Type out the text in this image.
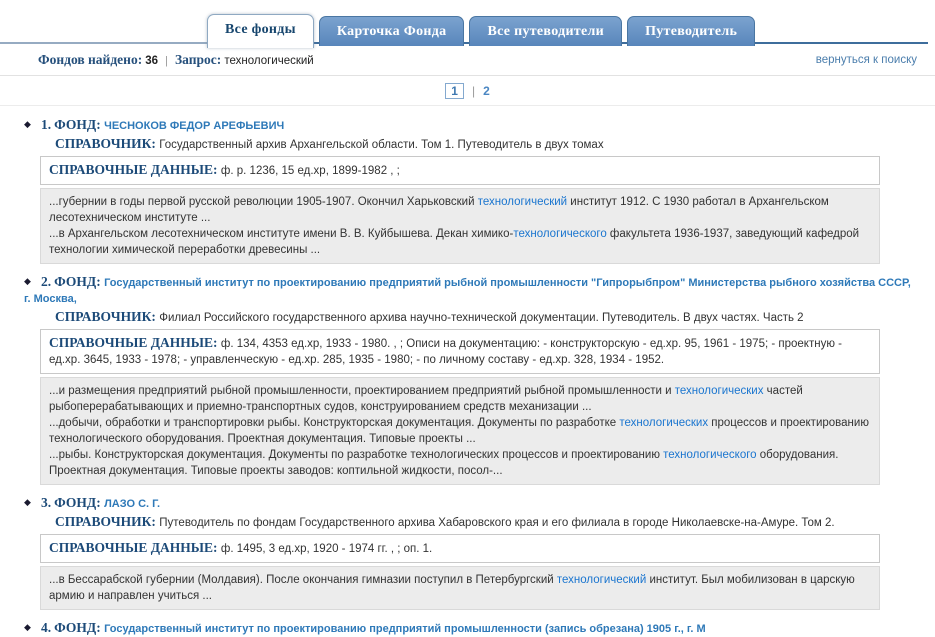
Все фонды	Карточка Фонда	Все путеводители	Путеводитель
Фондов найдено: 36 | Запрос: технологический	вернуться к поиску
1 | 2
◆ 1. ФОНД: ЧЕСНОКОВ ФЕДОР АРЕФЬЕВИЧ
СПРАВОЧНИК: Государственный архив Архангельской области. Том 1. Путеводитель в двух томах
СПРАВОЧНЫЕ ДАННЫЕ: ф. р. 1236, 15 ед.хр, 1899-1982 , ;
...губернии в годы первой русской революции 1905-1907. Окончил Харьковский технологический институт 1912. С 1930 работал в Архангельском лесотехническом институте ...
...в Архангельском лесотехническом институте имени В. В. Куйбышева. Декан химико-технологического факультета 1936-1937, заведующий кафедрой технологии химической переработки древесины ...
◆ 2. ФОНД: Государственный институт по проектированию предприятий рыбной промышленности "Гипрорыбпром" Министерства рыбного хозяйства СССР, г. Москва,
СПРАВОЧНИК: Филиал Российского государственного архива научно-технической документации. Путеводитель. В двух частях. Часть 2
СПРАВОЧНЫЕ ДАННЫЕ: ф. 134, 4353 ед.хр, 1933 - 1980. , ; Описи на документацию: - конструкторскую - ед.хр. 95, 1961 - 1975; - проектную - ед.хр. 3645, 1933 - 1978; - управленческую - ед.хр. 285, 1935 - 1980; - по личному составу - ед.хр. 328, 1934 - 1952.
...и размещения предприятий рыбной промышленности, проектированием предприятий рыбной промышленности и технологических частей рыбоперерабатывающих и приемно-транспортных судов, конструированием средств механизации ...
...добычи, обработки и транспортировки рыбы. Конструкторская документация. Документы по разработке технологических процессов и проектированию технологического оборудования. Проектная документация. Типовые проекты ...
...рыбы. Конструкторская документация. Документы по разработке технологических процессов и проектированию технологического оборудования. Проектная документация. Типовые проекты заводов: коптильной жидкости, посол-...
◆ 3. ФОНД: ЛАЗО С. Г.
СПРАВОЧНИК: Путеводитель по фондам Государственного архива Хабаровского края и его филиала в городе Николаевске-на-Амуре. Том 2.
СПРАВОЧНЫЕ ДАННЫЕ: ф. 1495, 3 ед.хр, 1920 - 1974 гг. , ; оп. 1.
...в Бессарабской губернии (Молдавия). После окончания гимназии поступил в Петербургский технологический институт. Был мобилизован в царскую армию и направлен учиться ...
◆ 4. ФОНД: Государственный институт по проектированию предприятий промышленности (запись обрезана) 1905 г., г. М
